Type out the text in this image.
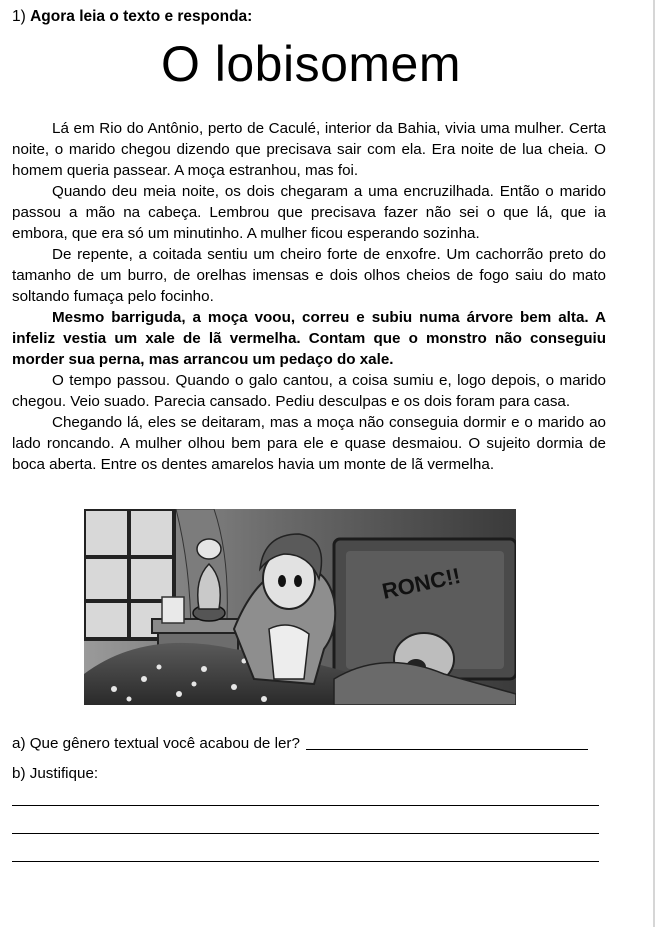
1) Agora leia o texto e responda:
O lobisomem

Lá em Rio do Antônio, perto de Caculé, interior da Bahia, vivia uma mulher. Certa noite, o marido chegou dizendo que precisava sair com ela. Era noite de lua cheia. O homem queria passear. A moça estranhou, mas foi.

Quando deu meia noite, os dois chegaram a uma encruzilhada. Então o marido passou a mão na cabeça. Lembrou que precisava fazer não sei o que lá, que ia embora, que era só um minutinho. A mulher ficou esperando sozinha.

De repente, a coitada sentiu um cheiro forte de enxofre. Um cachorrão preto do tamanho de um burro, de orelhas imensas e dois olhos cheios de fogo saiu do mato soltando fumaça pelo focinho.

Mesmo barriguda, a moça voou, correu e subiu numa árvore bem alta. A infeliz vestia um xale de lã vermelha. Contam que o monstro não conseguiu morder sua perna, mas arrancou um pedaço do xale.

O tempo passou. Quando o galo cantou, a coisa sumiu e, logo depois, o marido chegou. Veio suado. Parecia cansado. Pediu desculpas e os dois foram para casa.

Chegando lá, eles se deitaram, mas a moça não conseguia dormir e o marido ao lado roncando. A mulher olhou bem para ele e quase desmaiou. O sujeito dormia de boca aberta. Entre os dentes amarelos havia um monte de lã vermelha.

RONC!!
a) Que gênero textual você acabou de ler?
b) Justifique:
